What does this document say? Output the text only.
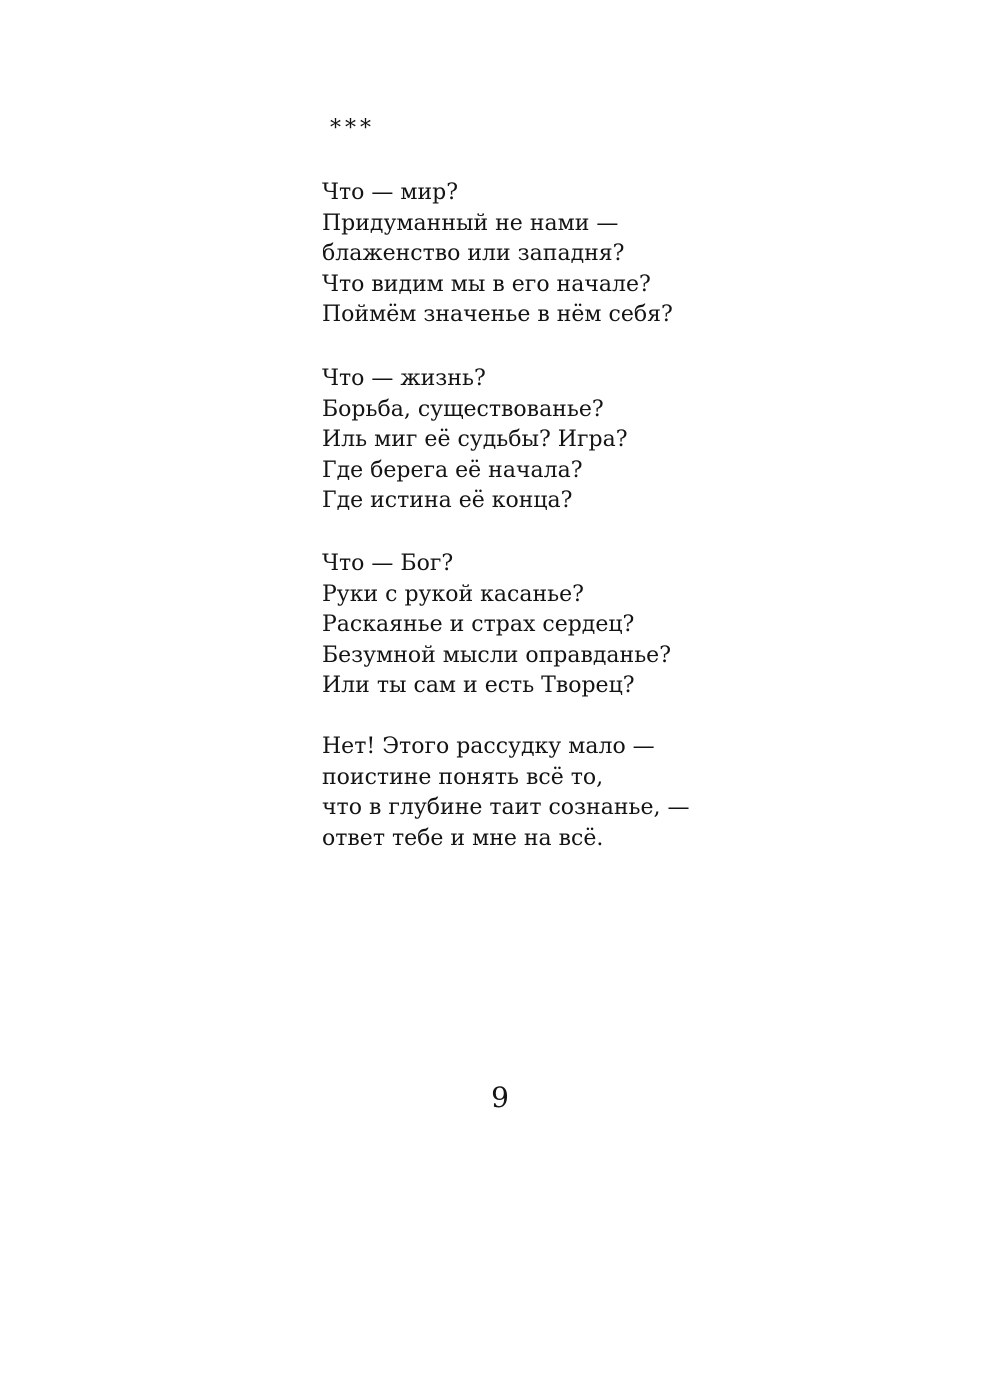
***
Что — мир?
Придуманный не нами —
блаженство или западня?
Что видим мы в его начале?
Поймём значенье в нём себя?
Что — жизнь?
Борьба, существованье?
Иль миг её судьбы? Игра?
Где берега её начала?
Где истина её конца?
Что — Бог?
Руки с рукой касанье?
Раскаянье и страх сердец?
Безумной мысли оправданье?
Или ты сам и есть Творец?
Нет! Этого рассудку мало —
поистине понять всё то,
что в глубине таит сознанье, —
ответ тебе и мне на всё.
9
